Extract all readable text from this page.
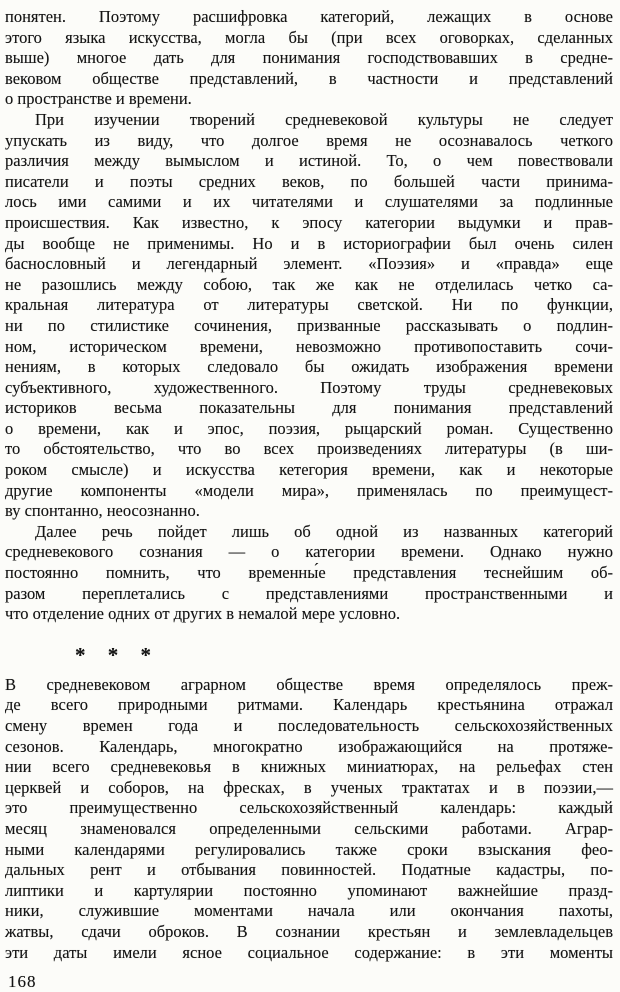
понятен. Поэтому расшифровка категорий, лежащих в основе
этого языка искусства, могла бы (при всех оговорках, сделанных
выше) многое дать для понимания господствовавших в средне-
вековом обществе представлений, в частности и представлений
о пространстве и времени.
При изучении творений средневековой культуры не следует
упускать из виду, что долгое время не осознавалось четкого
различия между вымыслом и истиной. То, о чем повествовали
писатели и поэты средних веков, по большей части принима-
лось ими самими и их читателями и слушателями за подлинные
происшествия. Как известно, к эпосу категории выдумки и прав-
ды вообще не применимы. Но и в историографии был очень силен
баснословный и легендарный элемент. «Поэзия» и «правда» еще
не разошлись между собою, так же как не отделилась четко са-
кральная литература от литературы светской. Ни по функции,
ни по стилистике сочинения, призванные рассказывать о подлин-
ном, историческом времени, невозможно противопоставить сочи-
нениям, в которых следовало бы ожидать изображения времени
субъективного, художественного. Поэтому труды средневековых
историков весьма показательны для понимания представлений
о времени, как и эпос, поэзия, рыцарский роман. Существенно
то обстоятельство, что во всех произведениях литературы (в ши-
роком смысле) и искусства кетегория времени, как и некоторые
другие компоненты «модели мира», применялась по преимущест-
ву спонтанно, неосознанно.
Далее речь пойдет лишь об одной из названных категорий
средневекового сознания — о категории времени. Однако нужно
постоянно помнить, что временны́е представления теснейшим об-
разом переплетались с представлениями пространственными и
что отделение одних от других в немалой мере условно.
* * *
В средневековом аграрном обществе время определялось преж-
де всего природными ритмами. Календарь крестьянина отражал
смену времен года и последовательность сельскохозяйственных
сезонов. Календарь, многократно изображающийся на протяже-
нии всего средневековья в книжных миниатюрах, на рельефах стен
церквей и соборов, на фресках, в ученых трактатах и в поэзии,—
это преимущественно сельскохозяйственный календарь: каждый
месяц знаменовался определенными сельскими работами. Аграр-
ными календарями регулировались также сроки взыскания фео-
дальных рент и отбывания повинностей. Податные кадастры, по-
липтики и картулярии постоянно упоминают важнейшие празд-
ники, служившие моментами начала или окончания пахоты,
жатвы, сдачи оброков. В сознании крестьян и землевладельцев
эти даты имели ясное социальное содержание: в эти моменты
168
